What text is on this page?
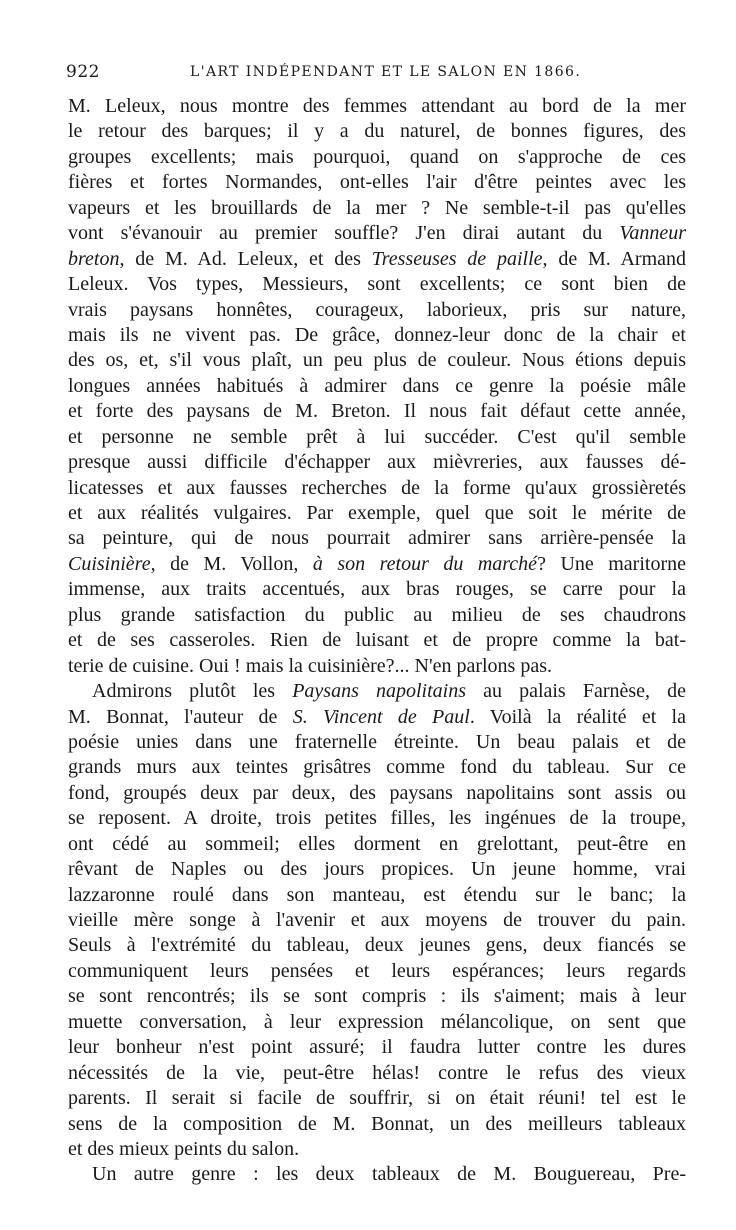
922	L'ART INDÉPENDANT ET LE SALON EN 1866.
M. Leleux, nous montre des femmes attendant au bord de la mer
le retour des barques; il y a du naturel, de bonnes figures, des
groupes excellents; mais pourquoi, quand on s'approche de ces
fières et fortes Normandes, ont-elles l'air d'être peintes avec les
vapeurs et les brouillards de la mer ? Ne semble-t-il pas qu'elles
vont s'évanouir au premier souffle? J'en dirai autant du Vanneur
breton, de M. Ad. Leleux, et des Tresseuses de paille, de M. Armand
Leleux. Vos types, Messieurs, sont excellents; ce sont bien de
vrais paysans honnêtes, courageux, laborieux, pris sur nature,
mais ils ne vivent pas. De grâce, donnez-leur donc de la chair et
des os, et, s'il vous plaît, un peu plus de couleur. Nous étions depuis
longues années habitués à admirer dans ce genre la poésie mâle
et forte des paysans de M. Breton. Il nous fait défaut cette année,
et personne ne semble prêt à lui succéder. C'est qu'il semble
presque aussi difficile d'échapper aux mièvreries, aux fausses dé-
licatesses et aux fausses recherches de la forme qu'aux grossièretés
et aux réalités vulgaires. Par exemple, quel que soit le mérite de
sa peinture, qui de nous pourrait admirer sans arrière-pensée la
Cuisinière, de M. Vollon, à son retour du marché? Une maritorne
immense, aux traits accentués, aux bras rouges, se carre pour la
plus grande satisfaction du public au milieu de ses chaudrons
et de ses casseroles. Rien de luisant et de propre comme la bat-
terie de cuisine. Oui ! mais la cuisinière?... N'en parlons pas.
Admirons plutôt les Paysans napolitains au palais Farnèse, de
M. Bonnat, l'auteur de S. Vincent de Paul. Voilà la réalité et la
poésie unies dans une fraternelle étreinte. Un beau palais et de
grands murs aux teintes grisâtres comme fond du tableau. Sur ce
fond, groupés deux par deux, des paysans napolitains sont assis ou
se reposent. A droite, trois petites filles, les ingénues de la troupe,
ont cédé au sommeil; elles dorment en grelottant, peut-être en
rêvant de Naples ou des jours propices. Un jeune homme, vrai
lazzaronne roulé dans son manteau, est étendu sur le banc; la
vieille mère songe à l'avenir et aux moyens de trouver du pain.
Seuls à l'extrémité du tableau, deux jeunes gens, deux fiancés se
communiquent leurs pensées et leurs espérances; leurs regards
se sont rencontrés; ils se sont compris : ils s'aiment; mais à leur
muette conversation, à leur expression mélancolique, on sent que
leur bonheur n'est point assuré; il faudra lutter contre les dures
nécessités de la vie, peut-être hélas! contre le refus des vieux
parents. Il serait si facile de souffrir, si on était réuni! tel est le
sens de la composition de M. Bonnat, un des meilleurs tableaux
et des mieux peints du salon.
Un autre genre : les deux tableaux de M. Bouguereau, Pre-
